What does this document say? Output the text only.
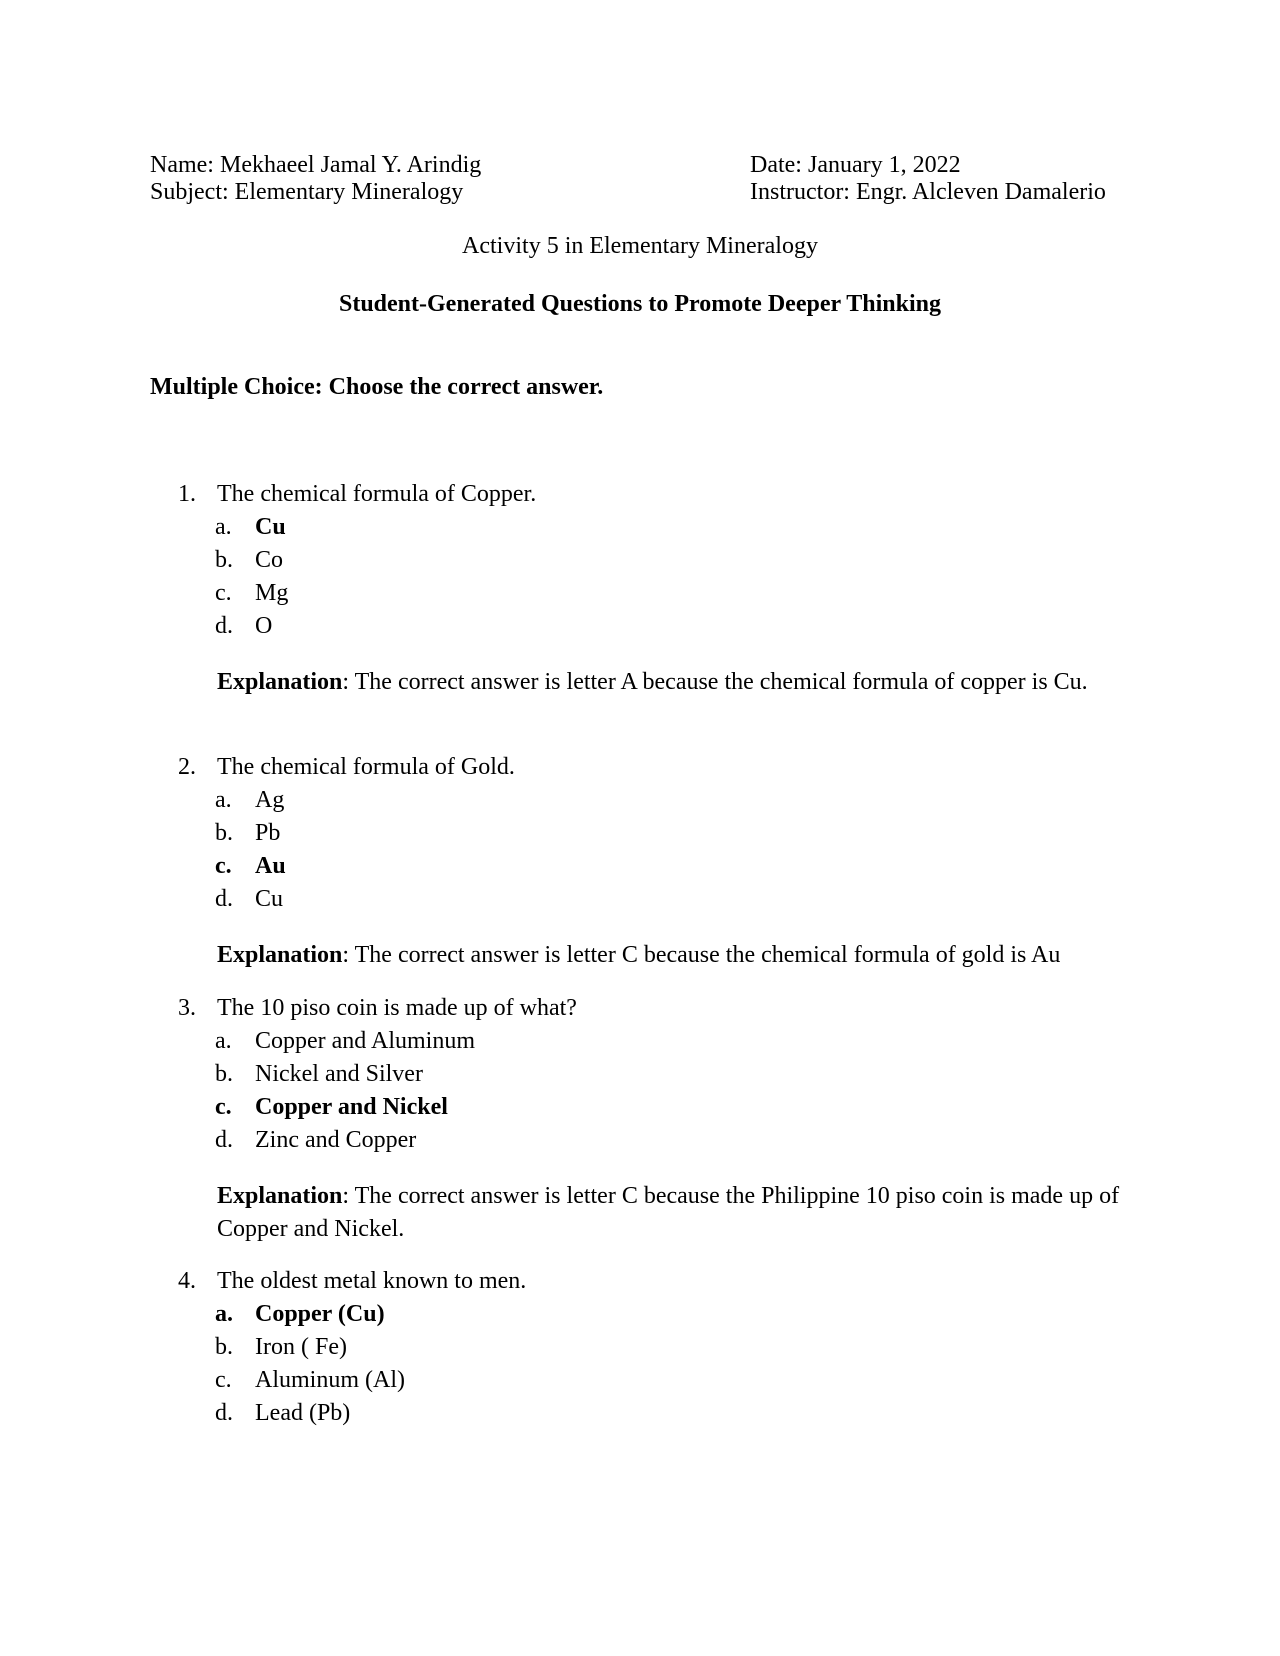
Name: Mekhaeel Jamal Y. Arindig
Subject: Elementary Mineralogy
Date: January 1, 2022
Instructor: Engr. Alcleven Damalerio
Activity 5 in Elementary Mineralogy
Student-Generated Questions to Promote Deeper Thinking
Multiple Choice: Choose the correct answer.
1. The chemical formula of Copper.
a. Cu
b. Co
c. Mg
d. O
Explanation: The correct answer is letter A because the chemical formula of copper is Cu.
2. The chemical formula of Gold.
a. Ag
b. Pb
c. Au
d. Cu
Explanation: The correct answer is letter C because the chemical formula of gold is Au
3. The 10 piso coin is made up of what?
a. Copper and Aluminum
b. Nickel and Silver
c. Copper and Nickel
d. Zinc and Copper
Explanation: The correct answer is letter C because the Philippine 10 piso coin is made up of Copper and Nickel.
4. The oldest metal known to men.
a. Copper (Cu)
b. Iron ( Fe)
c. Aluminum (Al)
d. Lead (Pb)
